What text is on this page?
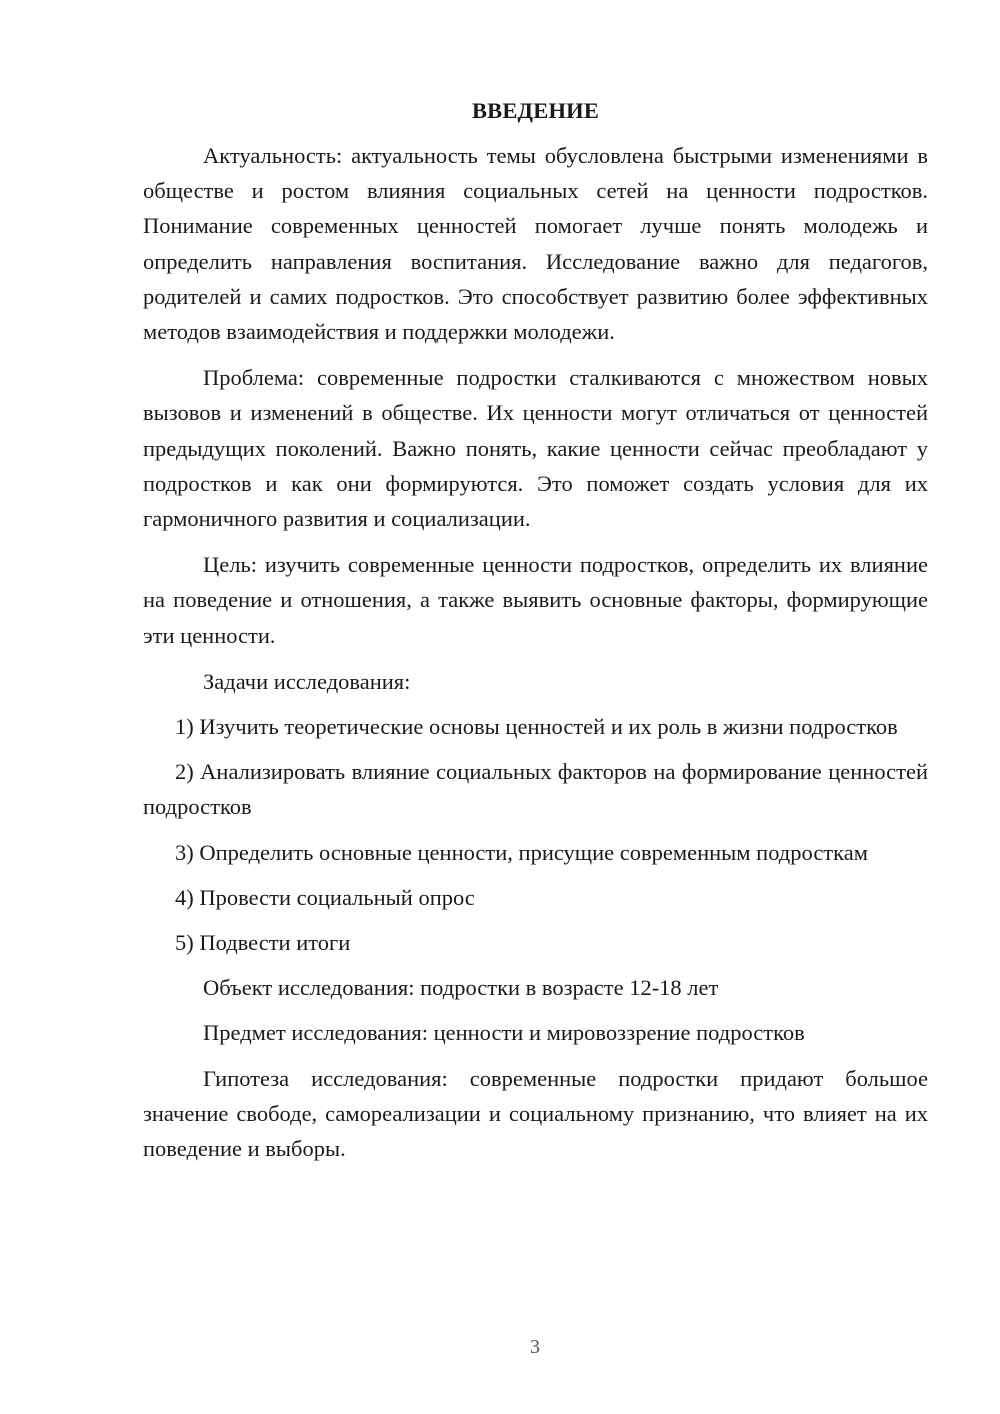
ВВЕДЕНИЕ

Актуальность: актуальность темы обусловлена быстрыми изменениями в обществе и ростом влияния социальных сетей на ценности подростков. Понимание современных ценностей помогает лучше понять молодежь и определить направления воспитания. Исследование важно для педагогов, родителей и самих подростков. Это способствует развитию более эффективных методов взаимодействия и поддержки молодежи.

Проблема: современные подростки сталкиваются с множеством новых вызовов и изменений в обществе. Их ценности могут отличаться от ценностей предыдущих поколений. Важно понять, какие ценности сейчас преобладают у подростков и как они формируются. Это поможет создать условия для их гармоничного развития и социализации.

Цель: изучить современные ценности подростков, определить их влияние на поведение и отношения, а также выявить основные факторы, формирующие эти ценности.

Задачи исследования:

1) Изучить теоретические основы ценностей и их роль в жизни подростков

2) Анализировать влияние социальных факторов на формирование ценностей подростков

3) Определить основные ценности, присущие современным подросткам

4) Провести социальный опрос

5) Подвести итоги

Объект исследования: подростки в возрасте 12-18 лет

Предмет исследования: ценности и мировоззрение подростков

Гипотеза исследования: современные подростки придают большое значение свободе, самореализации и социальному признанию, что влияет на их поведение и выборы.

3
